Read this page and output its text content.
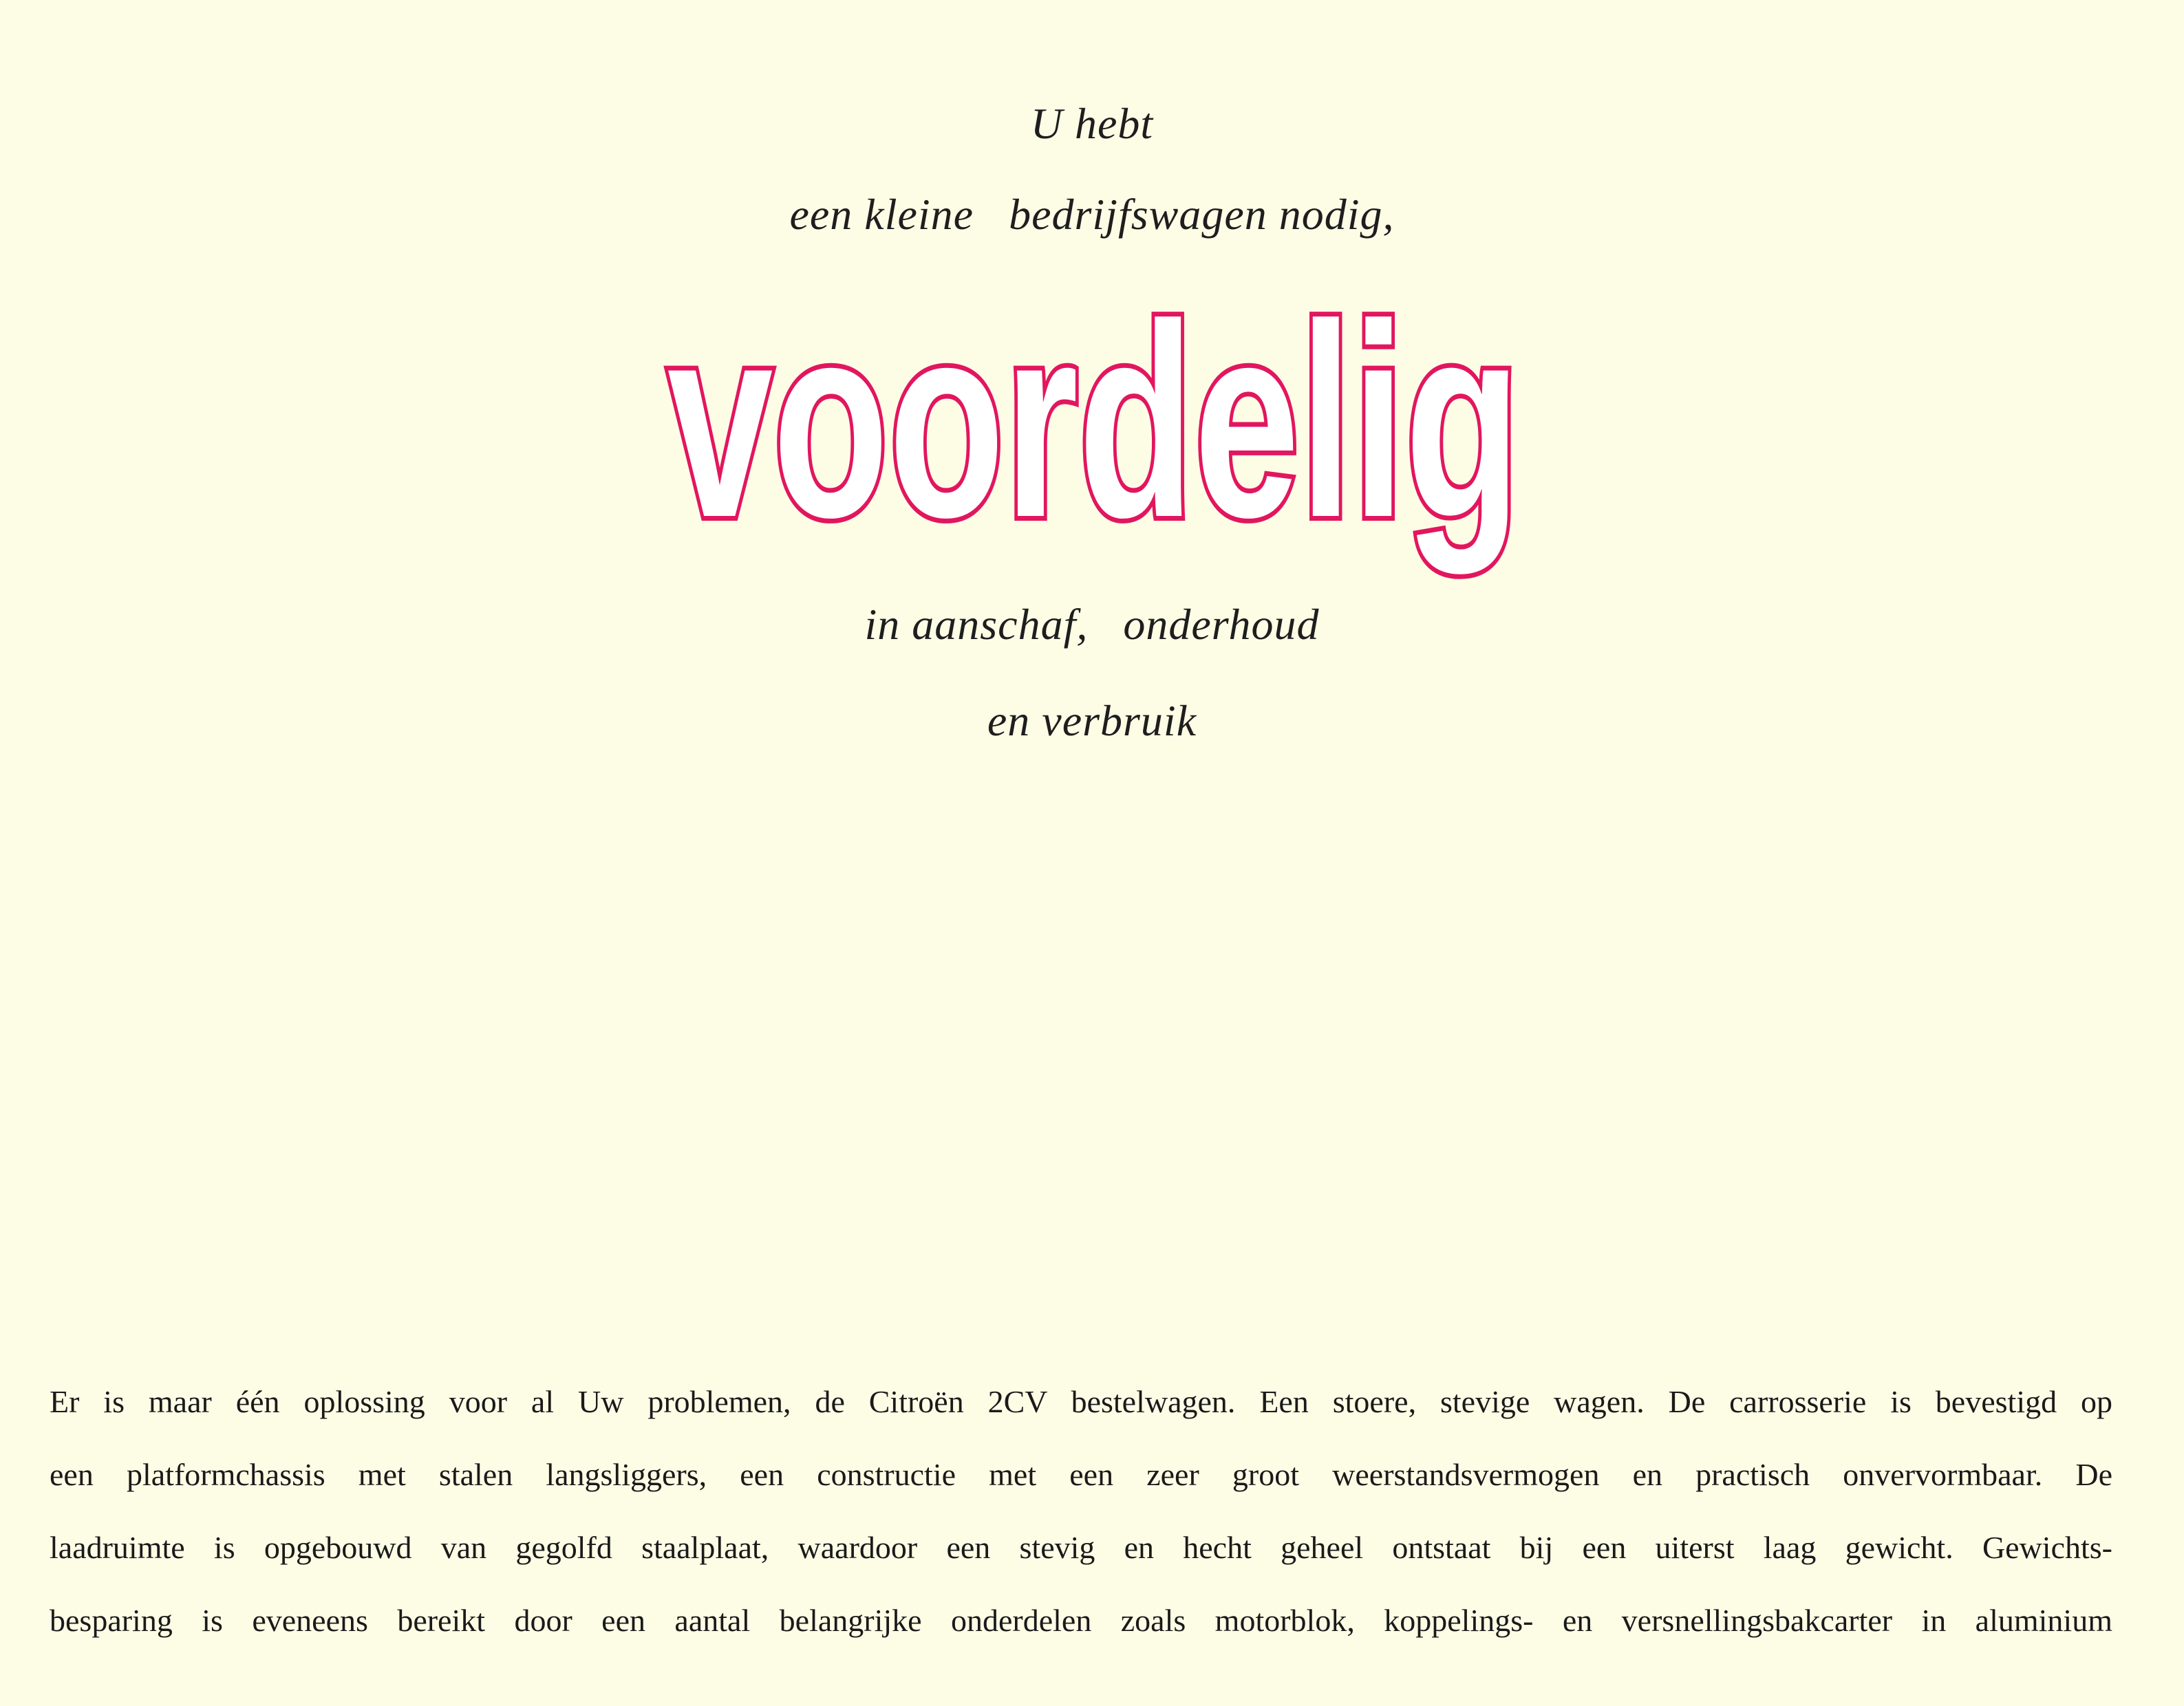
U hebt
een kleine   bedrijfswagen nodig,
voordelig
in aanschaf,   onderhoud
en verbruik
Er is maar één oplossing voor al Uw problemen, de Citroën 2CV bestelwagen. Een stoere, stevige wagen. De carrosserie is bevestigd op
een platformchassis met stalen langsliggers, een constructie met een zeer groot weerstandsvermogen en practisch onvervormbaar. De
laadruimte is opgebouwd van gegolfd staalplaat, waardoor een stevig en hecht geheel ontstaat bij een uiterst laag gewicht. Gewichts-
besparing is eveneens bereikt door een aantal belangrijke onderdelen zoals motorblok, koppelings- en versnellingsbakcarter in aluminium
